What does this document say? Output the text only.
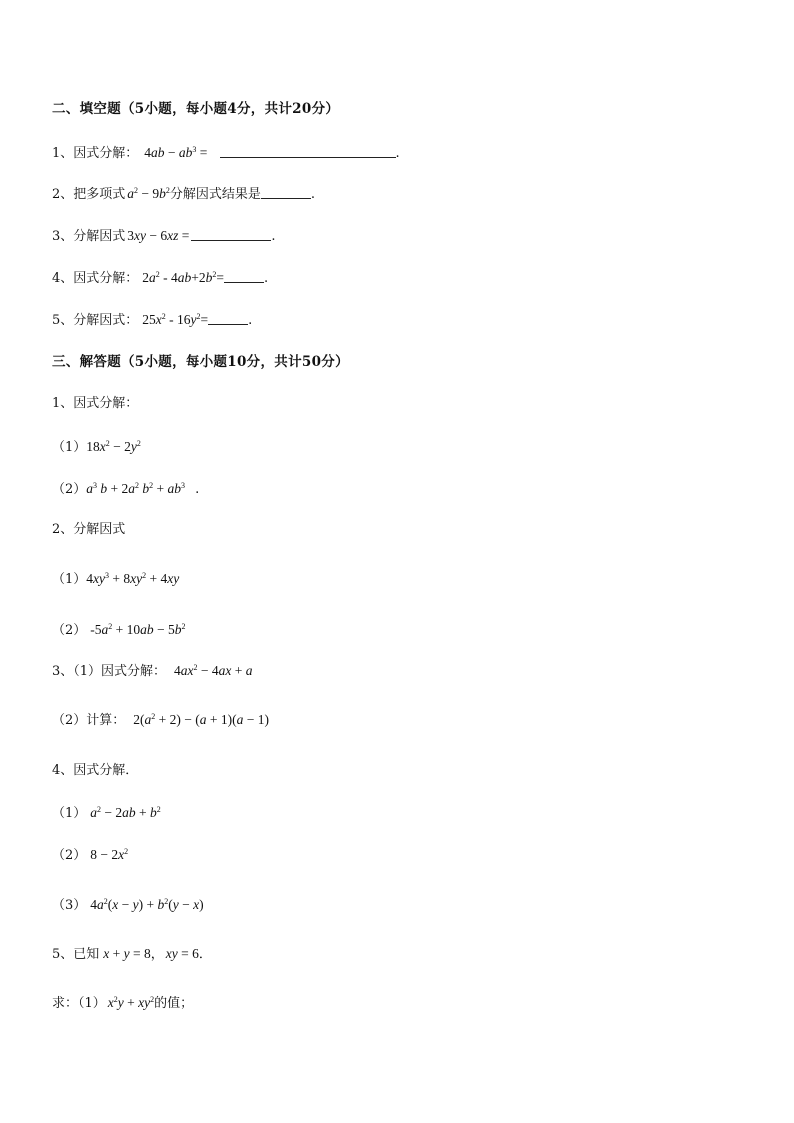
二、填空题（5小题，每小题4分，共计20分）
1、因式分解： $4ab - ab^3$ =	.
2、把多项式 $a^2 - 9b^2$分解因式结果是	.
3、分解因式 3xy − 6xz =	.
4、因式分解： $2a^2 - 4ab+2b^2=$	.
5、分解因式： $25x^2 - 16y^2=$	.
三、解答题（5小题，每小题10分，共计50分）
1、因式分解：
$(1)18x^2 - 2y^2$
$(2)a^3$ $b + 2a^2$ $b^2 + ab^3$ .
2、分解因式
$(1)4xy^3 + 8xy^2 + 4xy$
（2） $-5a^2 + 10ab - 5b^2$
3、（1）因式分解： $4ax^2 - 4ax + a$
（2）计算： $2(a^2 + 2) - (a + 1)(a - 1)$
4、因式分解．
（1） $a^2 - 2ab + b^2$
（2） $8 - 2x^2$
（3） $4a^2(x - y) + b^2(y - x)$
5、已知 x + y = 8， xy = 6．
求：（1） $x^2y + xy^2$的值；
